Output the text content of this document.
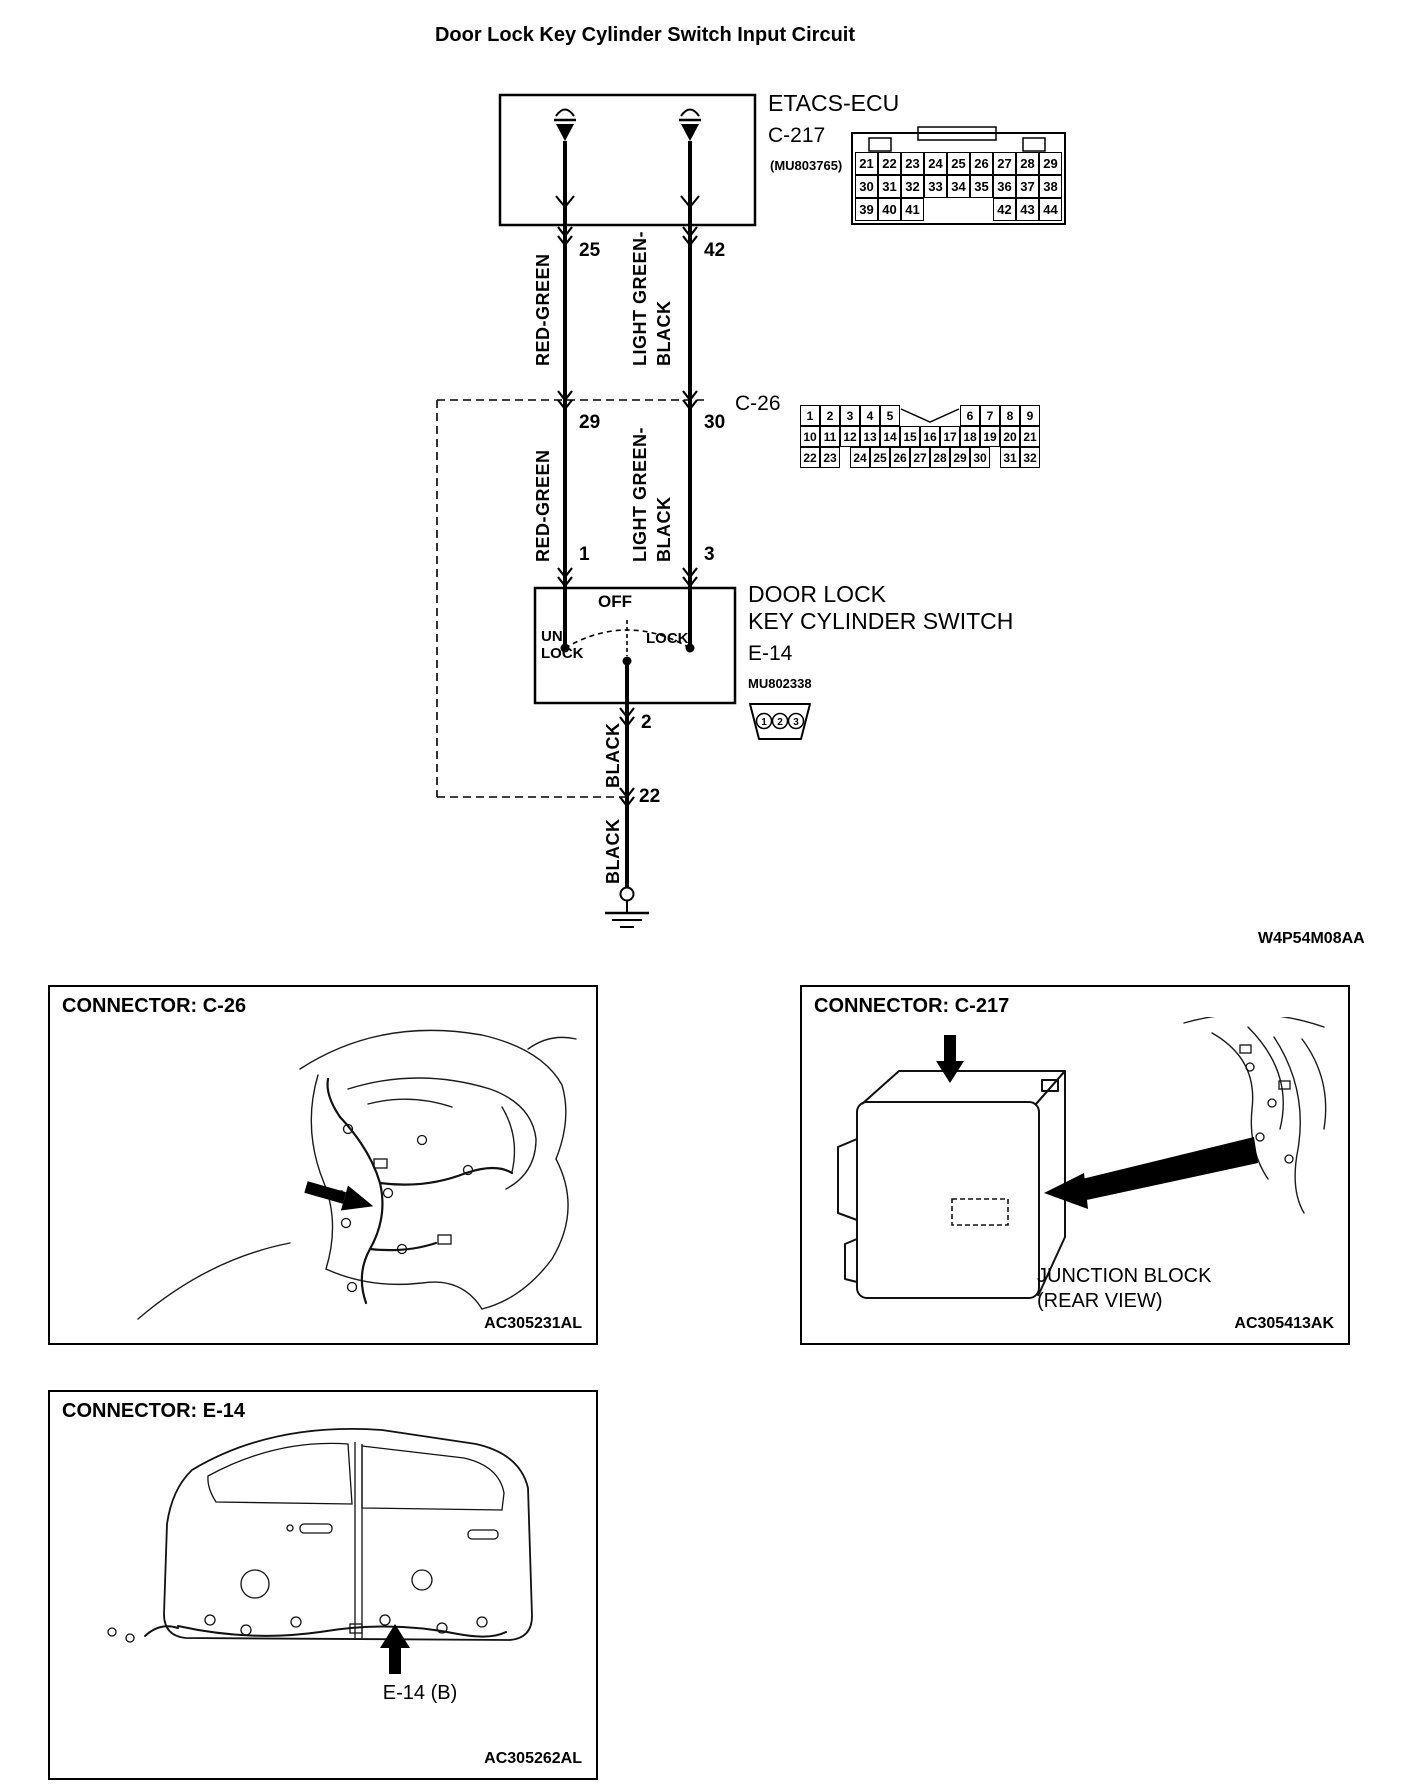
1 2 3
Door Lock Key Cylinder Switch Input Circuit
ETACS-ECU
C-217
(MU803765)	21 22 23 24 25 26 27 28 29
30 31 32 33 34 35 36 37 38
39 40 41	42 43 44
C-26
1	2	3	4	5	6	7	8	9
10 11 12 13 14 15 16 17 18 19 20 21
22 23 24 25 26 27 28 29 30 31 32
25	42
29	30
1	3
2
22
RED-GREEN	LIGHT GREEN- BLACK
RED-GREEN	LIGHT GREEN- BLACK
BLACK
BLACK
OFF
UN
LOCK
LOCK
DOOR LOCK
KEY CYLINDER SWITCH
E-14
MU802338
W4P54M08AA
CONNECTOR: C-26
AC305231AL
CONNECTOR: C-217
JUNCTION BLOCK
(REAR VIEW)
AC305413AK
CONNECTOR: E-14
E-14 (B)
AC305262AL
